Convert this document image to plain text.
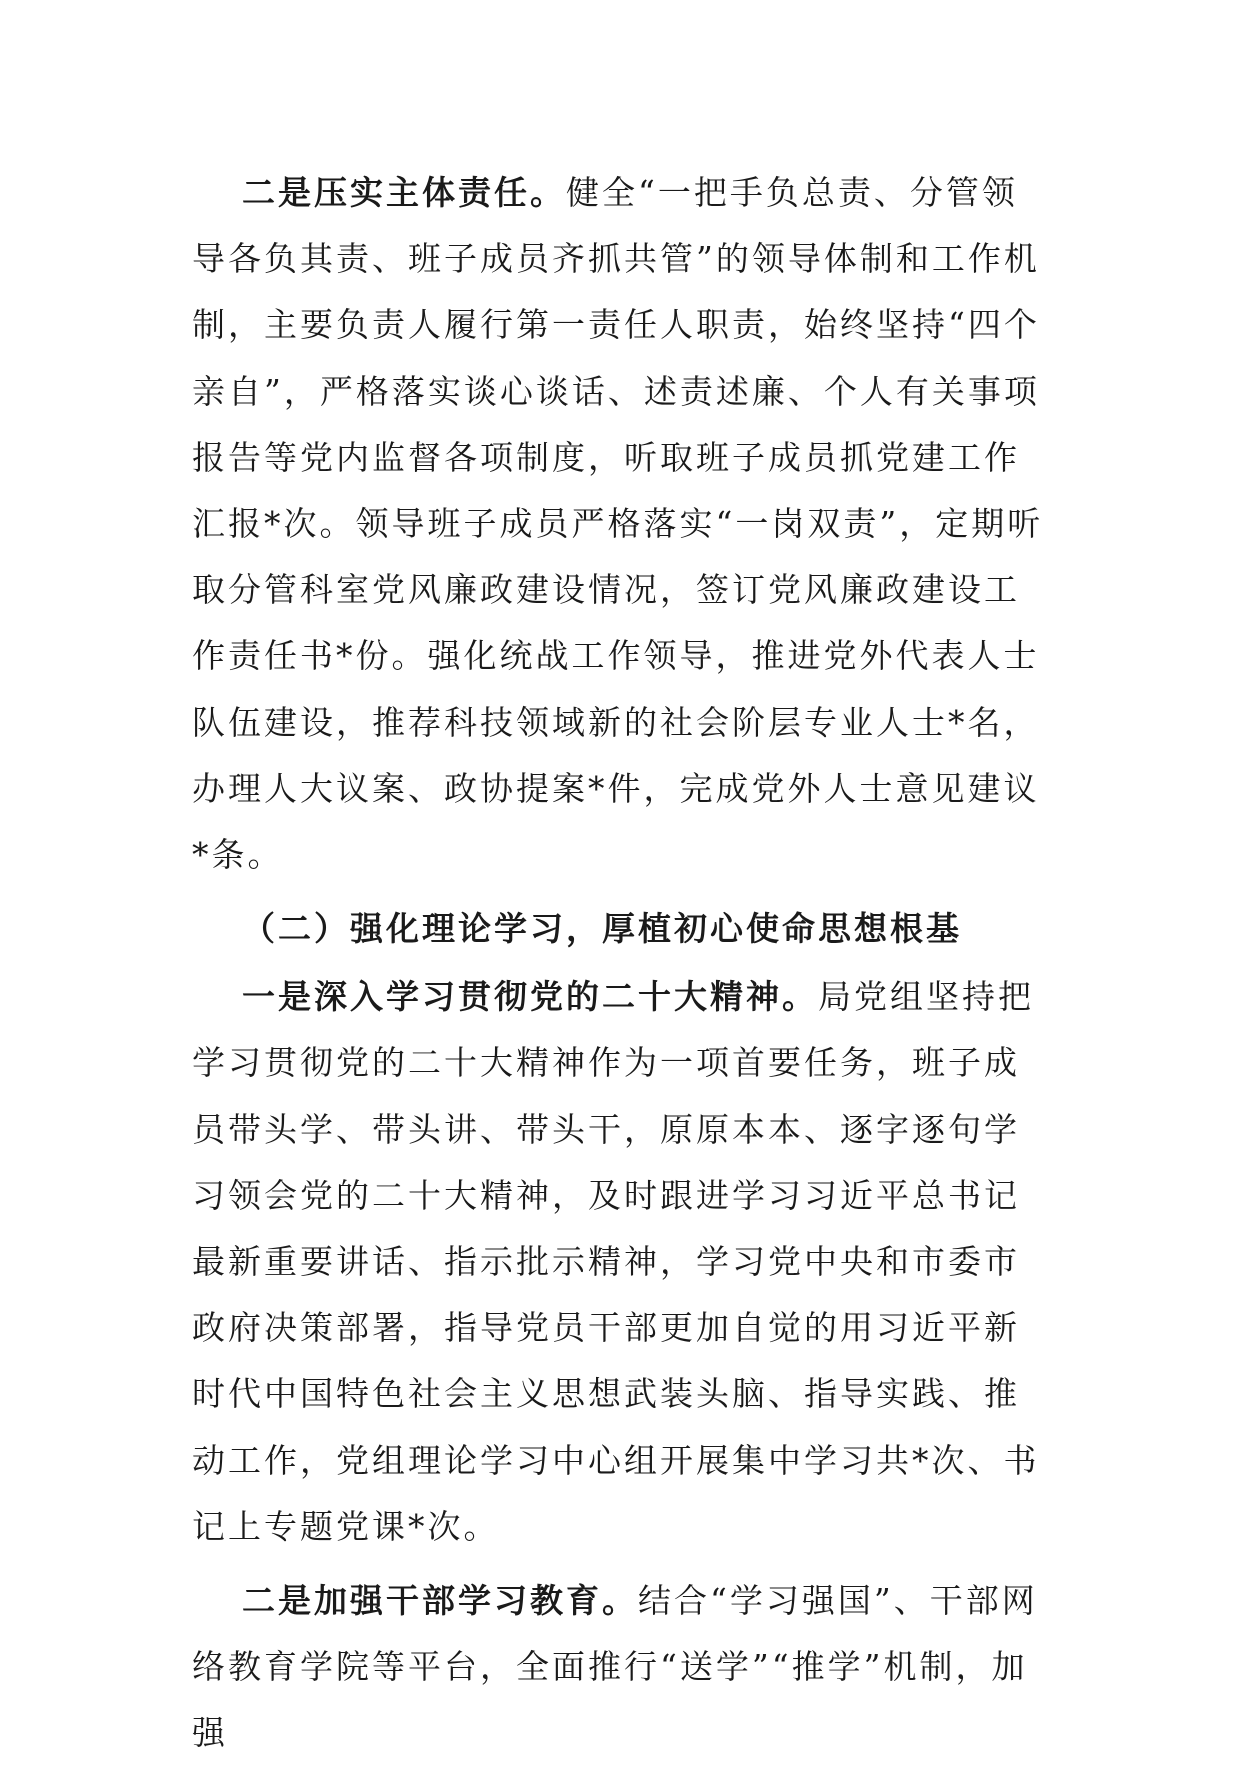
二是压实主体责任。健全“一把手负总责、分管领导各负其责、班子成员齐抓共管”的领导体制和工作机制，主要负责人履行第一责任人职责，始终坚持“四个亲自”，严格落实谈心谈话、述责述廉、个人有关事项报告等党内监督各项制度，听取班子成员抓党建工作汇报*次。领导班子成员严格落实“一岗双责”，定期听取分管科室党风廉政建设情况，签订党风廉政建设工作责任书*份。强化统战工作领导，推进党外代表人士队伍建设，推荐科技领域新的社会阶层专业人士*名，办理人大议案、政协提案*件，完成党外人士意见建议*条。

（二）强化理论学习，厚植初心使命思想根基

一是深入学习贯彻党的二十大精神。局党组坚持把学习贯彻党的二十大精神作为一项首要任务，班子成员带头学、带头讲、带头干，原原本本、逐字逐句学习领会党的二十大精神，及时跟进学习习近平总书记最新重要讲话、指示批示精神，学习党中央和市委市政府决策部署，指导党员干部更加自觉的用习近平新时代中国特色社会主义思想武装头脑、指导实践、推动工作，党组理论学习中心组开展集中学习共*次、书记上专题党课*次。

二是加强干部学习教育。结合“学习强国”、干部网络教育学院等平台，全面推行“送学”“推学”机制，加强
